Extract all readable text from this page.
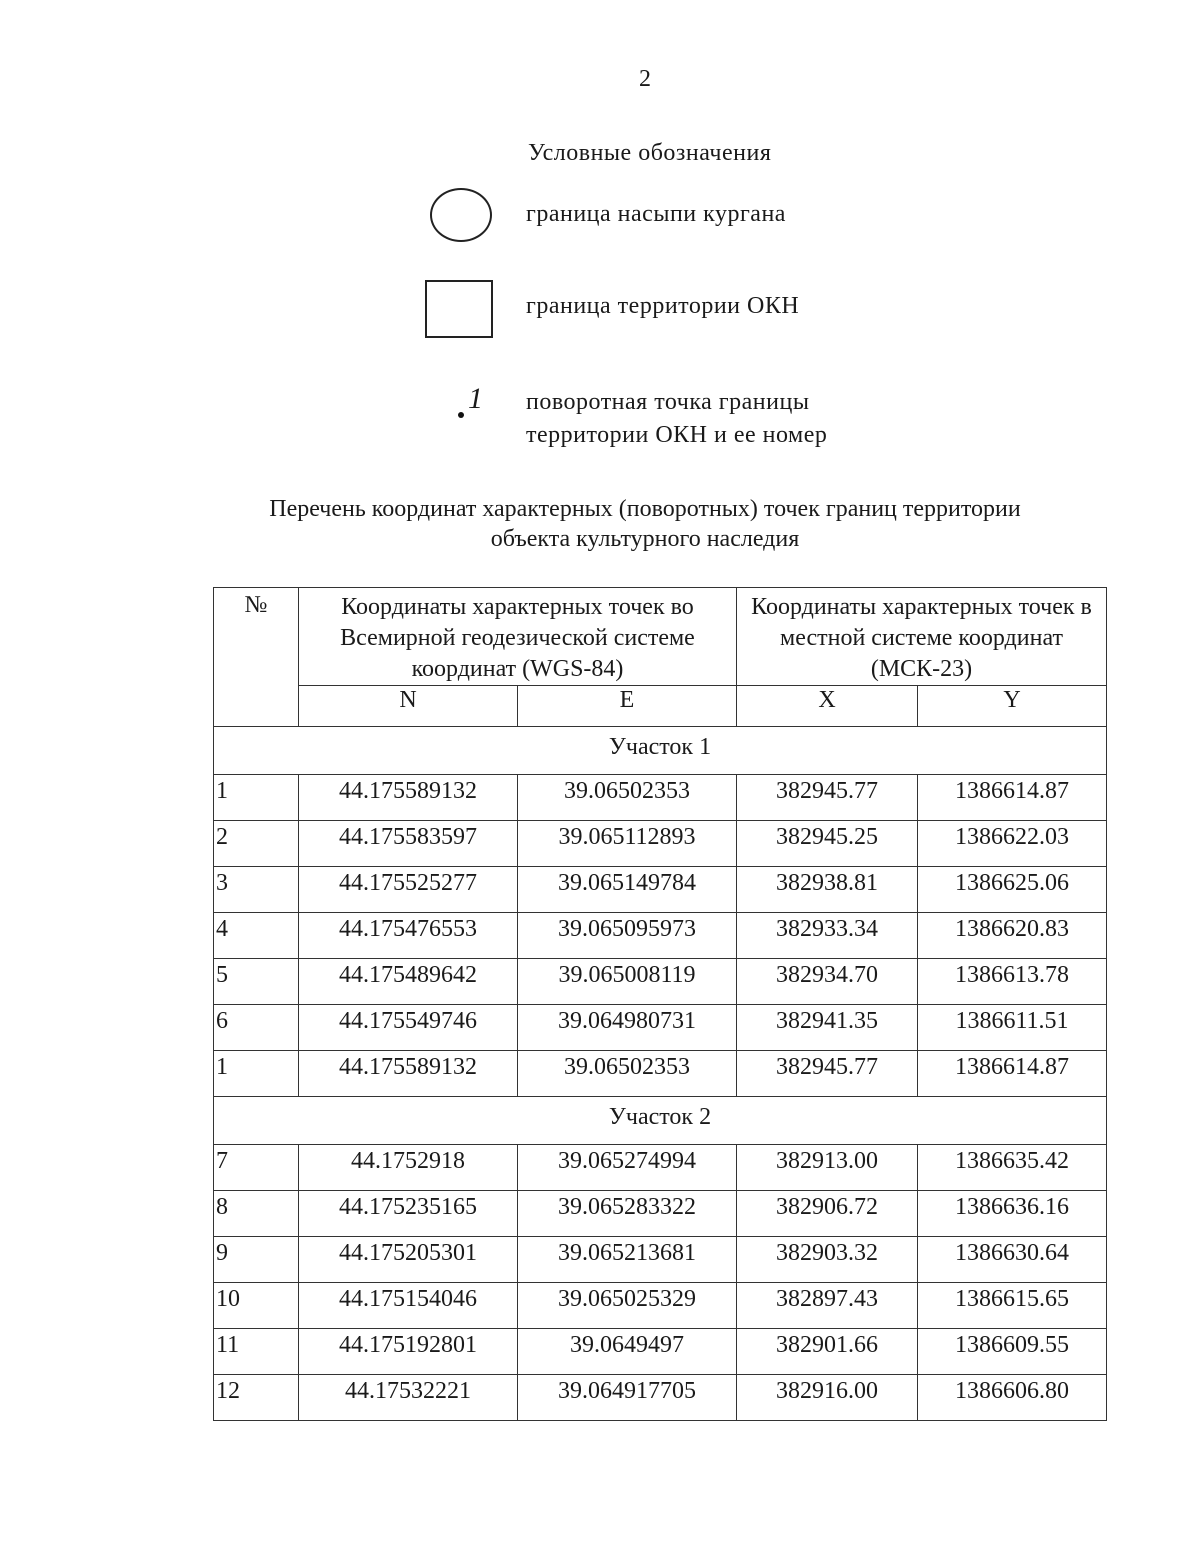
2
Условные обозначения
граница насыпи кургана
граница территории ОКН
1 поворотная точка границы
территории ОКН и ее номер
Перечень координат характерных (поворотных) точек границ территории
объекта культурного наследия
№	Координаты характерных точек во Всемирной геодезической системе координат (WGS-84)		Координаты характерных точек в местной системе координат (МСК-23)	
	N	E	X	Y
Участок 1				
1	44.175589132	39.06502353	382945.77	1386614.87
2	44.175583597	39.065112893	382945.25	1386622.03
3	44.175525277	39.065149784	382938.81	1386625.06
4	44.175476553	39.065095973	382933.34	1386620.83
5	44.175489642	39.065008119	382934.70	1386613.78
6	44.175549746	39.064980731	382941.35	1386611.51
1	44.175589132	39.06502353	382945.77	1386614.87
Участок 2				
7	44.1752918	39.065274994	382913.00	1386635.42
8	44.175235165	39.065283322	382906.72	1386636.16
9	44.175205301	39.065213681	382903.32	1386630.64
10	44.175154046	39.065025329	382897.43	1386615.65
11	44.175192801	39.0649497	382901.66	1386609.55
12	44.17532221	39.064917705	382916.00	1386606.80
